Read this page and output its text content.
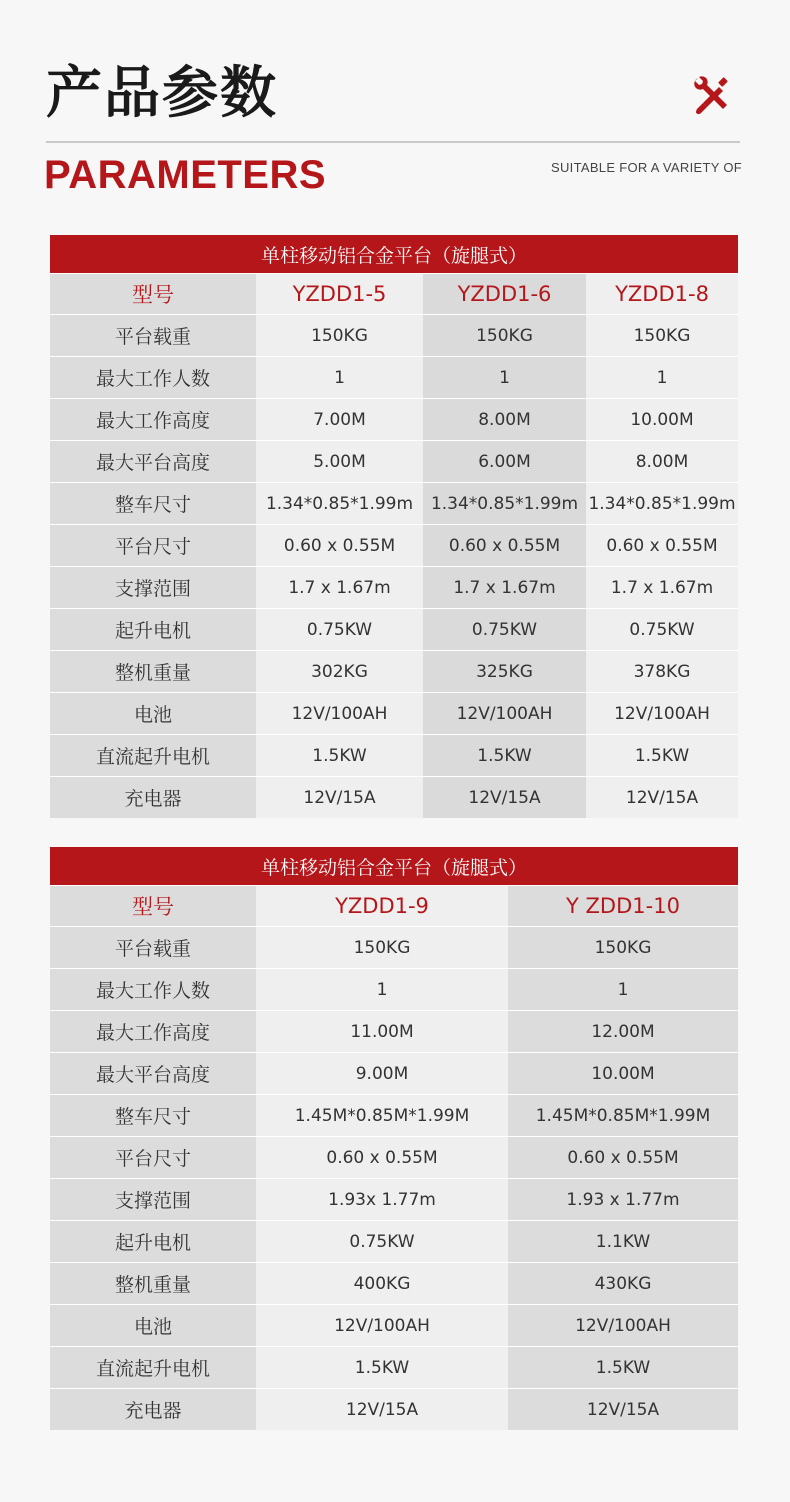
产品参数
PARAMETERS	SUITABLE FOR A VARIETY OF
单柱移动铝合金平台（旋腿式）			
型号	YZDD1-5	YZDD1-6	YZDD1-8
平台载重	150KG	150KG	150KG
最大工作人数	1	1	1
最大工作高度	7.00M	8.00M	10.00M
最大平台高度	5.00M	6.00M	8.00M
整车尺寸	1.34*0.85*1.99m	1.34*0.85*1.99m	1.34*0.85*1.99m
平台尺寸	0.60 x 0.55M	0.60 x 0.55M	0.60 x 0.55M
支撑范围	1.7 x 1.67m	1.7 x 1.67m	1.7 x 1.67m
起升电机	0.75KW	0.75KW	0.75KW
整机重量	302KG	325KG	378KG
电池	12V/100AH	12V/100AH	12V/100AH
直流起升电机	1.5KW	1.5KW	1.5KW
充电器	12V/15A	12V/15A	12V/15A
单柱移动铝合金平台（旋腿式）		
型号	YZDD1-9	Y ZDD1-10
平台载重	150KG	150KG
最大工作人数	1	1
最大工作高度	11.00M	12.00M
最大平台高度	9.00M	10.00M
整车尺寸	1.45M*0.85M*1.99M	1.45M*0.85M*1.99M
平台尺寸	0.60 x 0.55M	0.60 x 0.55M
支撑范围	1.93x 1.77m	1.93 x 1.77m
起升电机	0.75KW	1.1KW
整机重量	400KG	430KG
电池	12V/100AH	12V/100AH
直流起升电机	1.5KW	1.5KW
充电器	12V/15A	12V/15A
